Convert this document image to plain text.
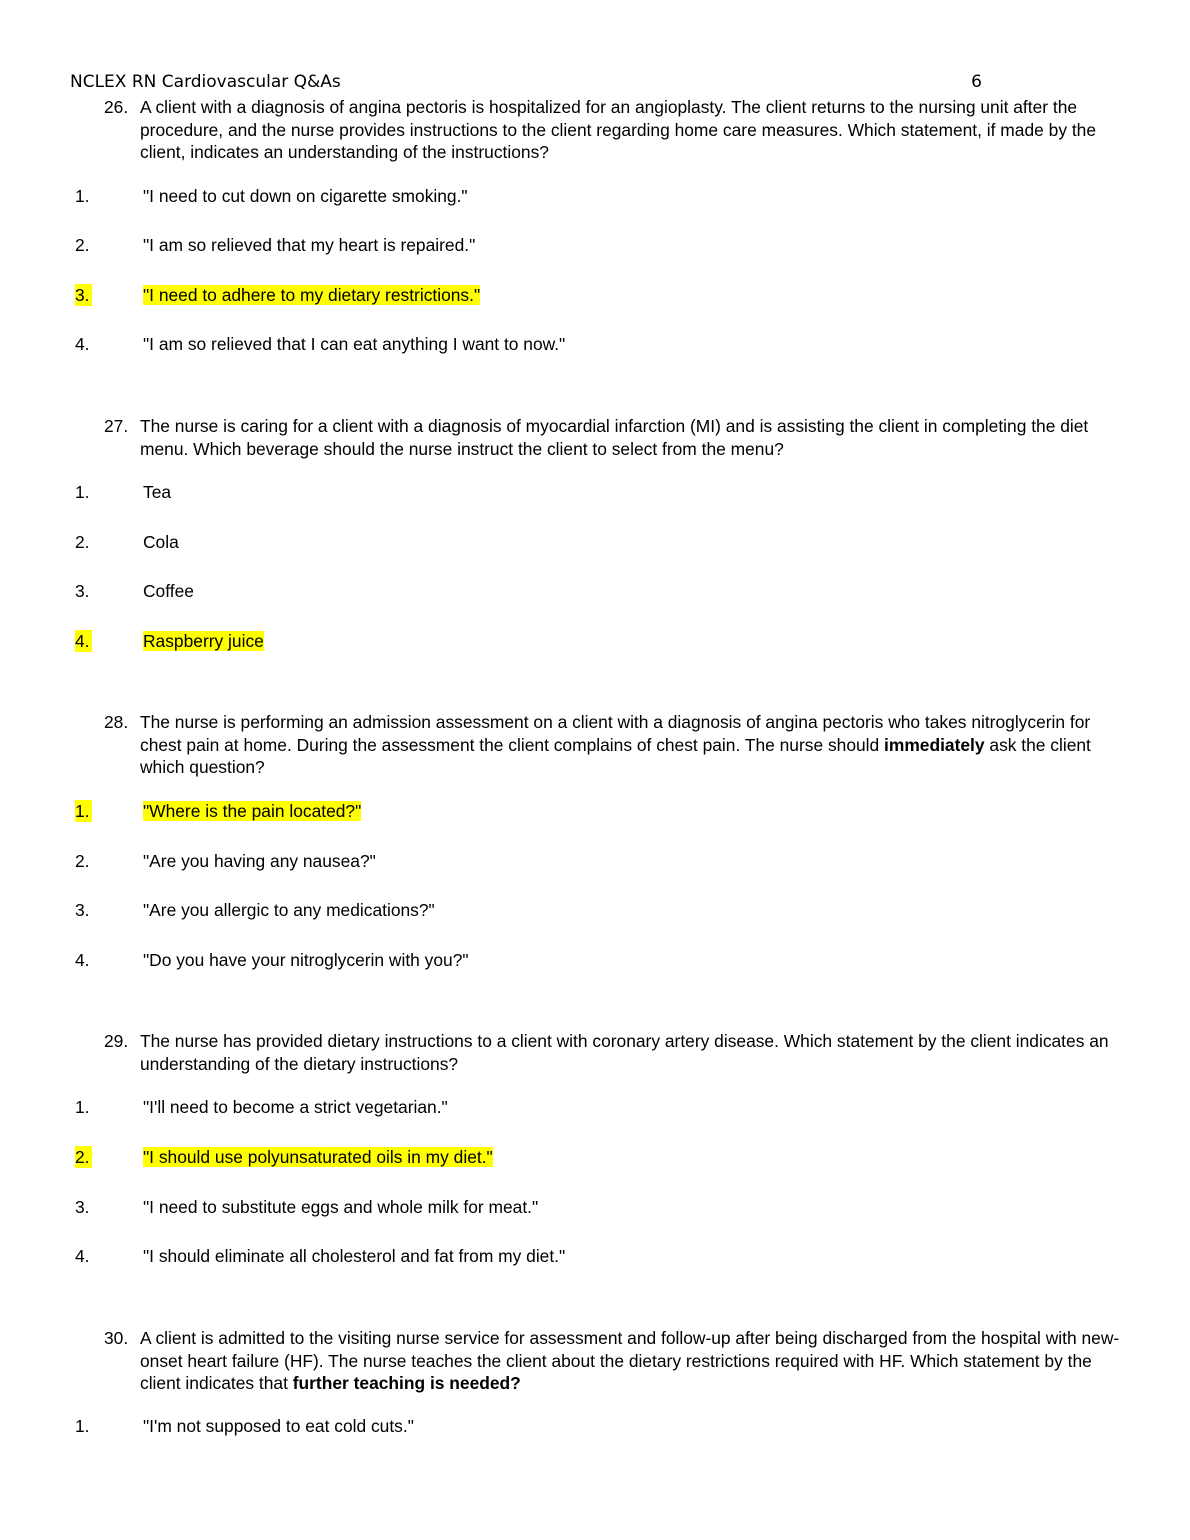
NCLEX RN Cardiovascular Q&As	6
26. A client with a diagnosis of angina pectoris is hospitalized for an angioplasty. The client returns to the nursing unit after the procedure, and the nurse provides instructions to the client regarding home care measures. Which statement, if made by the client, indicates an understanding of the instructions?
1.	"I need to cut down on cigarette smoking."
2.	"I am so relieved that my heart is repaired."
3.	"I need to adhere to my dietary restrictions."
4.	"I am so relieved that I can eat anything I want to now."
27. The nurse is caring for a client with a diagnosis of myocardial infarction (MI) and is assisting the client in completing the diet menu. Which beverage should the nurse instruct the client to select from the menu?
1.	Tea
2.	Cola
3.	Coffee
4.	Raspberry juice
28. The nurse is performing an admission assessment on a client with a diagnosis of angina pectoris who takes nitroglycerin for chest pain at home. During the assessment the client complains of chest pain. The nurse should immediately ask the client which question?
1.	"Where is the pain located?"
2.	"Are you having any nausea?"
3.	"Are you allergic to any medications?"
4.	"Do you have your nitroglycerin with you?"
29. The nurse has provided dietary instructions to a client with coronary artery disease. Which statement by the client indicates an understanding of the dietary instructions?
1.	"I'll need to become a strict vegetarian."
2.	"I should use polyunsaturated oils in my diet."
3.	"I need to substitute eggs and whole milk for meat."
4.	"I should eliminate all cholesterol and fat from my diet."
30. A client is admitted to the visiting nurse service for assessment and follow-up after being discharged from the hospital with new-onset heart failure (HF). The nurse teaches the client about the dietary restrictions required with HF. Which statement by the client indicates that further teaching is needed?
1.	"I'm not supposed to eat cold cuts."
